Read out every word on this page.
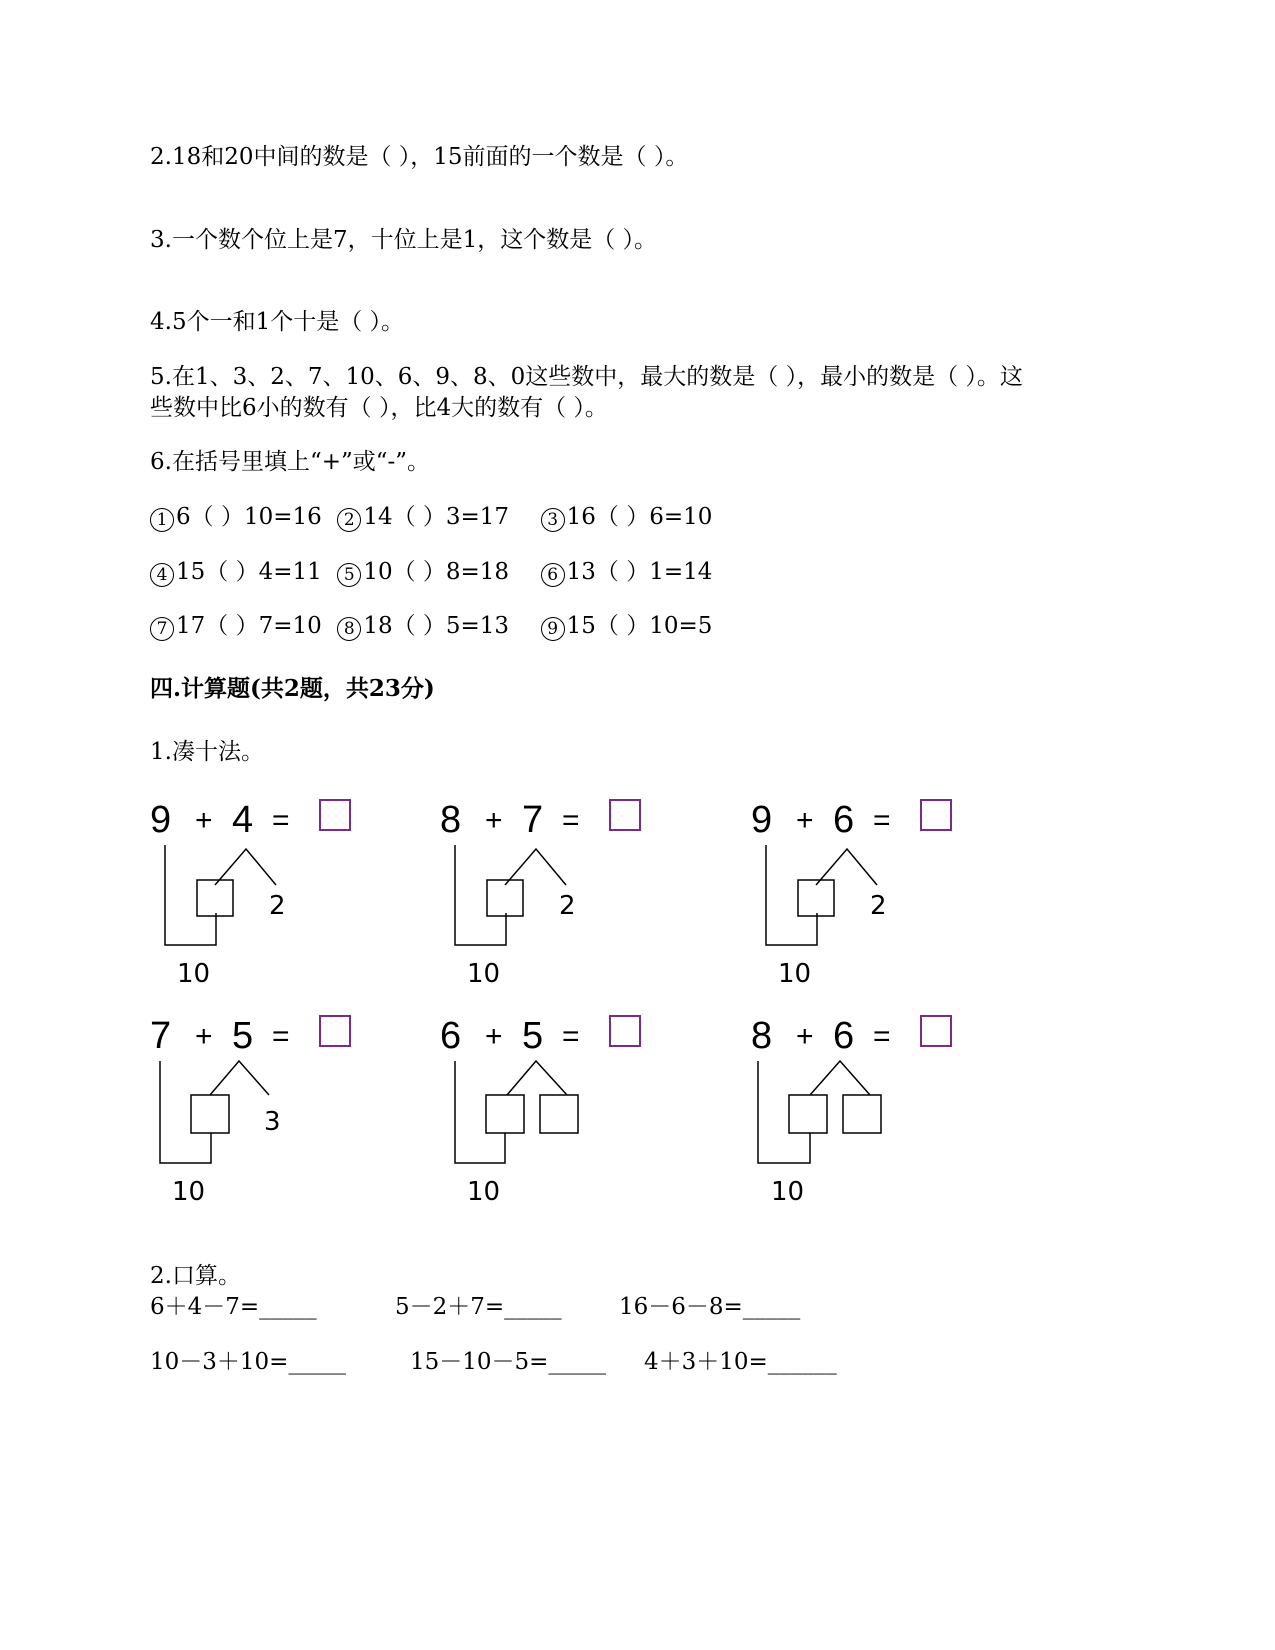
2.18和20中间的数是（ ），15前面的一个数是（ ）。
3.一个数个位上是7，十位上是1，这个数是（ ）。
4.5个一和1个十是（ ）。
5.在1、3、2、7、10、6、9、8、0这些数中，最大的数是（ ），最小的数是（ ）。这
些数中比6小的数有（ ），比4大的数有（ ）。
6.在括号里填上“+”或“-”。
1 6（ ）10=16 2 14（ ）3=17 3 16（ ）6=10
4 15（ ）4=11 5 10（ ）8=18 6 13（ ）1=14
7 17（ ）7=10 8 18（ ）5=13 9 15（ ）10=5
四.计算题(共2题，共23分)
1.凑十法。
9 + 4 =
2
10
8 + 7 =
2
10
9 + 6 =
2
10
7 + 5 =
3
10
6 + 5 =
10
8 + 6 =
10
2.口算。
6＋4－7=_____	5－2＋7=_____ 16－6－8=_____
10－3＋10=_____	15－10－5=_____ 4＋3＋10=______
